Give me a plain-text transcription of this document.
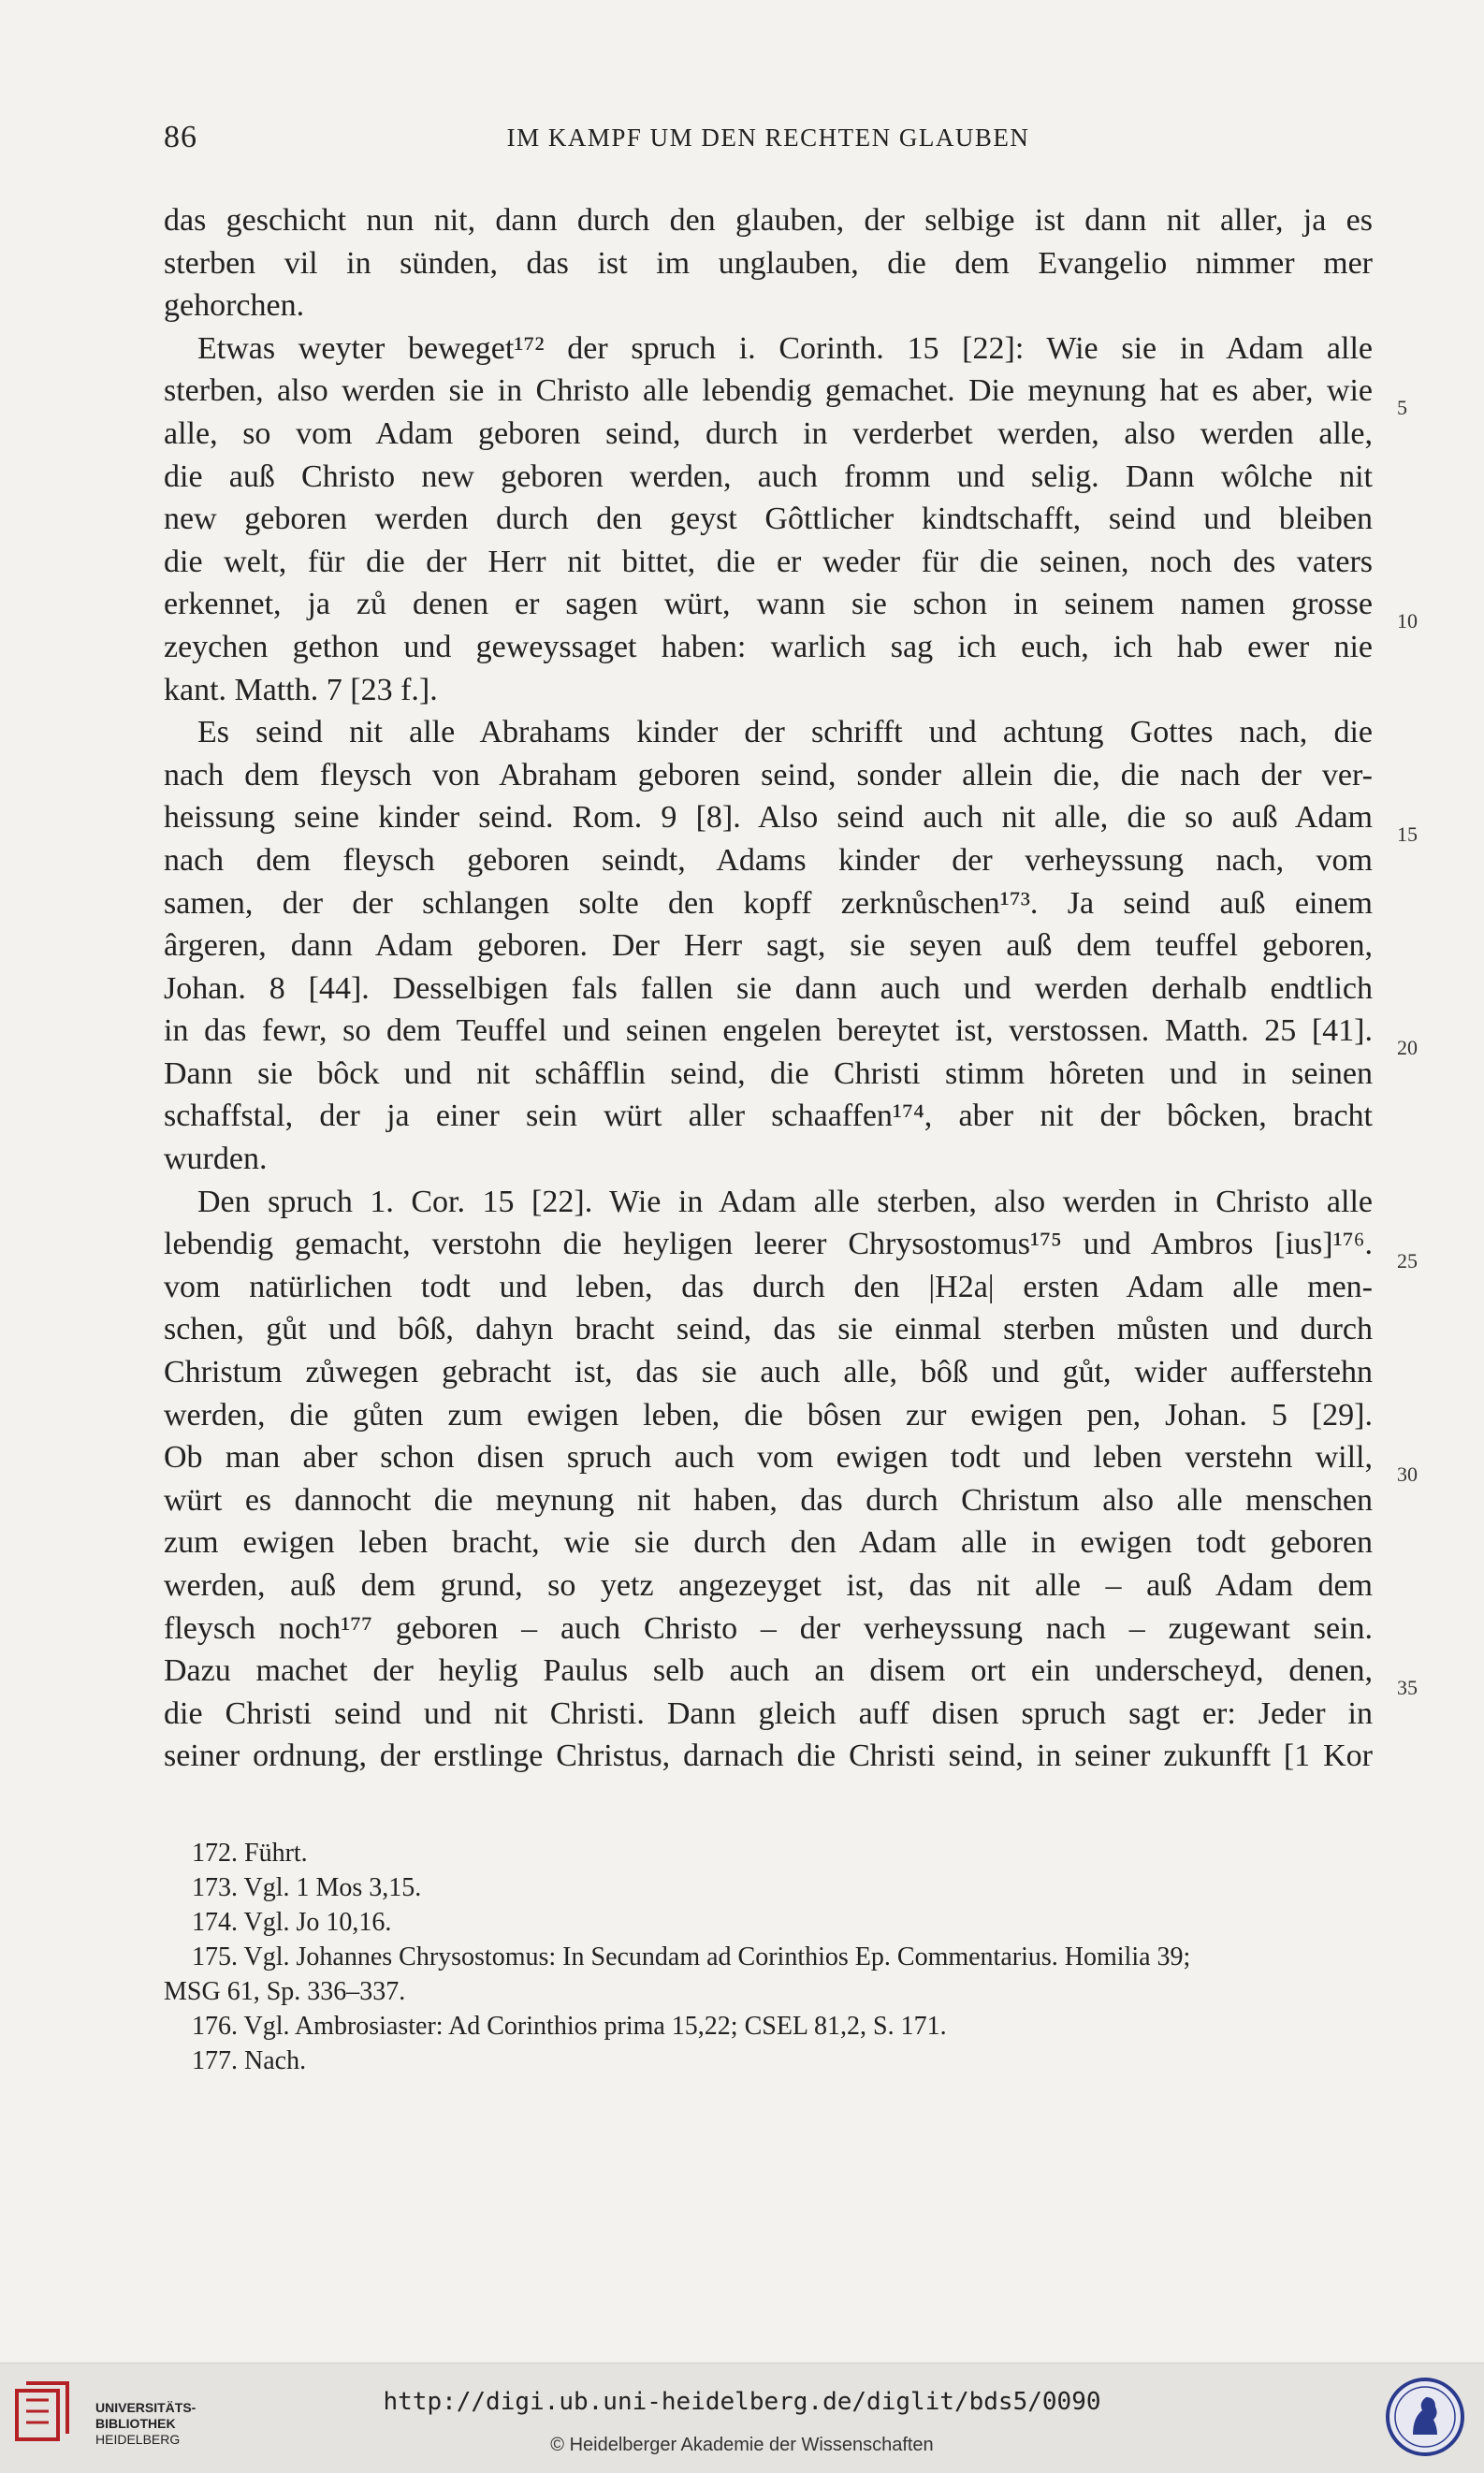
86	IM KAMPF UM DEN RECHTEN GLAUBEN
das geschicht nun nit, dann durch den glauben, der selbige ist dann nit aller, ja es
sterben vil in sünden, das ist im unglauben, die dem Evangelio nimmer mer
gehorchen.
Etwas weyter beweget¹⁷² der spruch i. Corinth. 15 [22]: Wie sie in Adam alle
sterben, also werden sie in Christo alle lebendig gemachet. Die meynung hat es aber, wie
alle, so vom Adam geboren seind, durch in verderbet werden, also werden alle,
die auß Christo new geboren werden, auch fromm und selig. Dann wôlche nit
new geboren werden durch den geyst Gôttlicher kindtschafft, seind und bleiben
die welt, für die der Herr nit bittet, die er weder für die seinen, noch des vaters
erkennet, ja zů denen er sagen würt, wann sie schon in seinem namen grosse
zeychen gethon und geweyssaget haben: warlich sag ich euch, ich hab ewer nie
kant. Matth. 7 [23 f.].
Es seind nit alle Abrahams kinder der schrifft und achtung Gottes nach, die
nach dem fleysch von Abraham geboren seind, sonder allein die, die nach der ver-
heissung seine kinder seind. Rom. 9 [8]. Also seind auch nit alle, die so auß Adam
nach dem fleysch geboren seindt, Adams kinder der verheyssung nach, vom
samen, der der schlangen solte den kopff zerknůschen¹⁷³. Ja seind auß einem
ârgeren, dann Adam geboren. Der Herr sagt, sie seyen auß dem teuffel geboren,
Johan. 8 [44]. Desselbigen fals fallen sie dann auch und werden derhalb endtlich
in das fewr, so dem Teuffel und seinen engelen bereytet ist, verstossen. Matth. 25 [41].
Dann sie bôck und nit schâfflin seind, die Christi stimm hôreten und in seinen
schaffstal, der ja einer sein würt aller schaaffen¹⁷⁴, aber nit der bôcken, bracht
wurden.
Den spruch 1. Cor. 15 [22]. Wie in Adam alle sterben, also werden in Christo alle
lebendig gemacht, verstohn die heyligen leerer Chrysostomus¹⁷⁵ und Ambros [ius]¹⁷⁶.
vom natürlichen todt und leben, das durch den |H2a| ersten Adam alle men-
schen, gůt und bôß, dahyn bracht seind, das sie einmal sterben můsten und durch
Christum zůwegen gebracht ist, das sie auch alle, bôß und gůt, wider aufferstehn
werden, die gůten zum ewigen leben, die bôsen zur ewigen pen, Johan. 5 [29].
Ob man aber schon disen spruch auch vom ewigen todt und leben verstehn will,
würt es dannocht die meynung nit haben, das durch Christum also alle menschen
zum ewigen leben bracht, wie sie durch den Adam alle in ewigen todt geboren
werden, auß dem grund, so yetz angezeyget ist, das nit alle – auß Adam dem
fleysch noch¹⁷⁷ geboren – auch Christo – der verheyssung nach – zugewant sein.
Dazu machet der heylig Paulus selb auch an disem ort ein underscheyd, denen,
die Christi seind und nit Christi. Dann gleich auff disen spruch sagt er: Jeder in
seiner ordnung, der erstlinge Christus, darnach die Christi seind, in seiner zukunfft [1 Kor
5
10
15
20
25
30
35
172. Führt.
173. Vgl. 1 Mos 3,15.
174. Vgl. Jo 10,16.
175. Vgl. Johannes Chrysostomus: In Secundam ad Corinthios Ep. Commentarius. Homilia 39;
MSG 61, Sp. 336–337.
176. Vgl. Ambrosiaster: Ad Corinthios prima 15,22; CSEL 81,2, S. 171.
177. Nach.
UNIVERSITÄTS-
BIBLIOTHEK
HEIDELBERG
http://digi.ub.uni-heidelberg.de/diglit/bds5/0090
© Heidelberger Akademie der Wissenschaften
